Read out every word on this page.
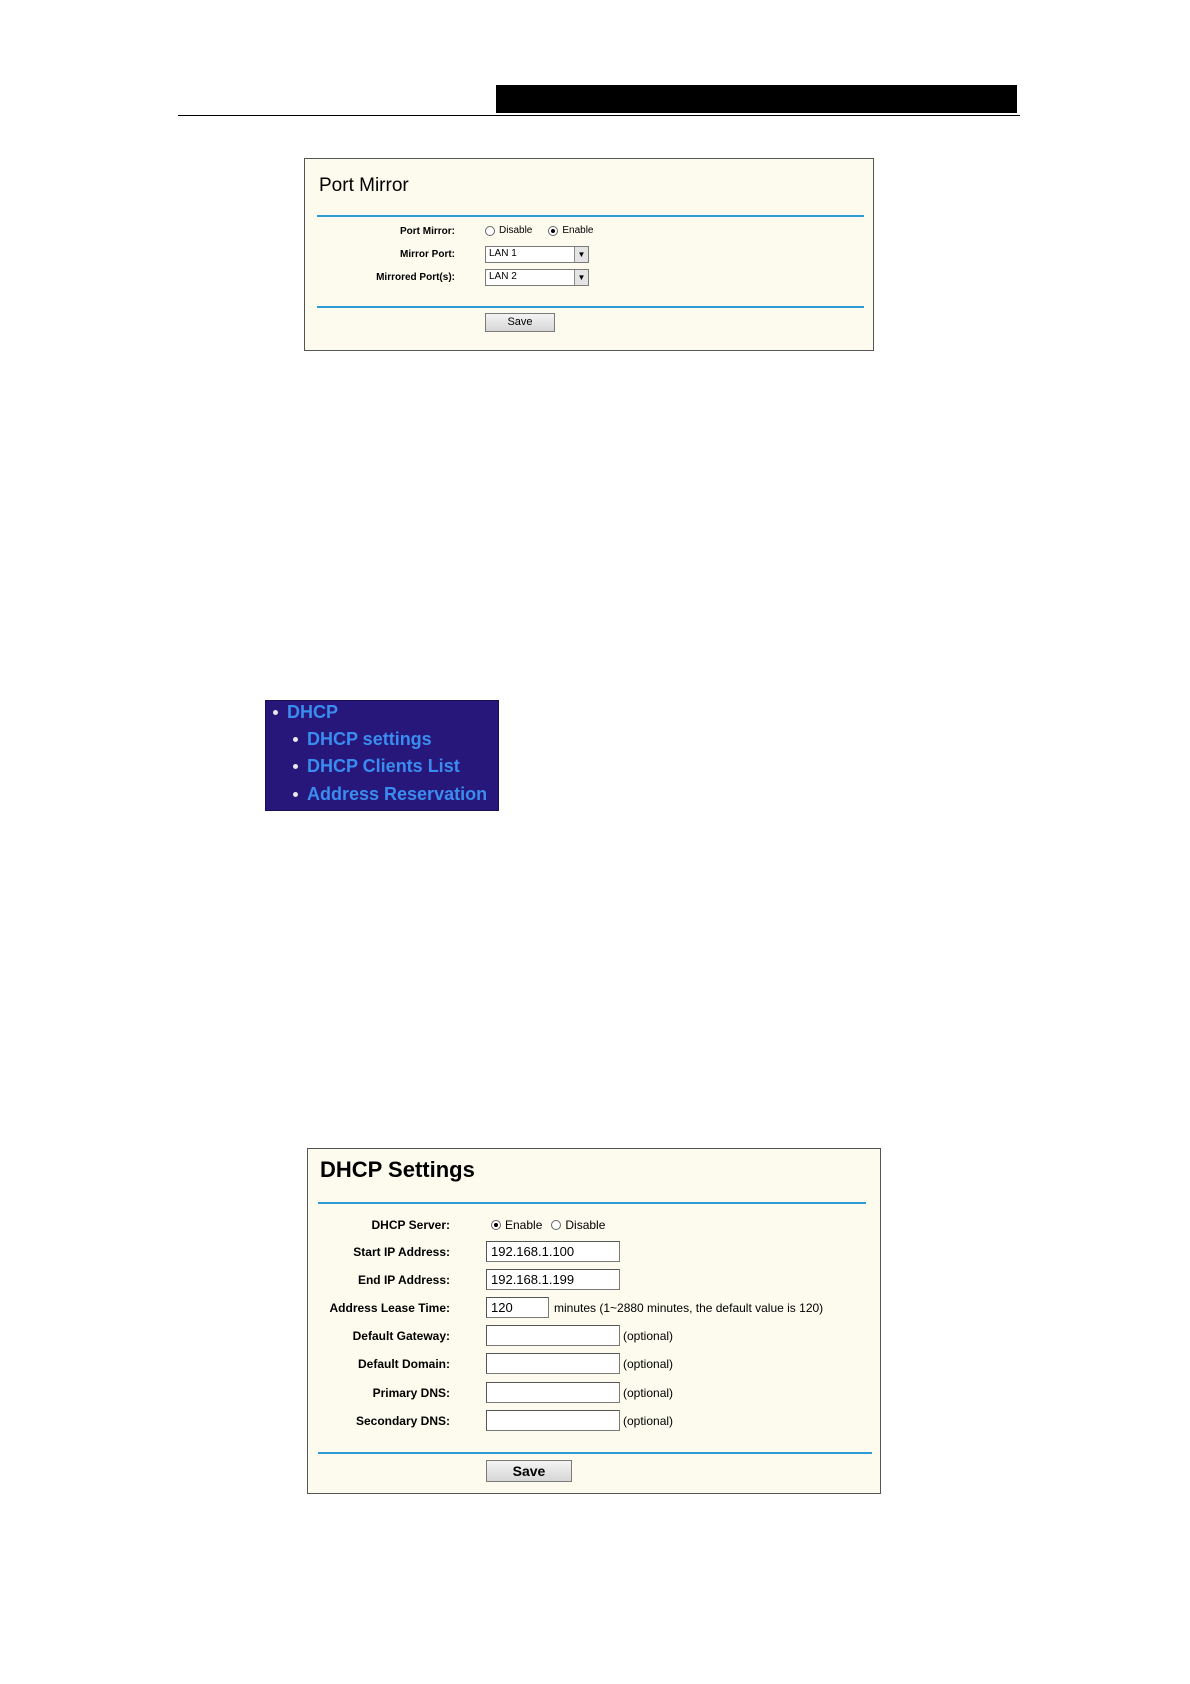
Port Mirror
Port Mirror:	Disable	Enable
Mirror Port:	LAN 1	▼
Mirrored Port(s):	LAN 2	▼
Save
DHCP
DHCP settings
DHCP Clients List
Address Reservation
DHCP Settings
DHCP Server:	Enable Disable
Start IP Address:	192.168.1.100
End IP Address:	192.168.1.199
Address Lease Time:	120	minutes (1~2880 minutes, the default value is 120)
Default Gateway:	(optional)
Default Domain:	(optional)
Primary DNS:	(optional)
Secondary DNS:	(optional)
Save
